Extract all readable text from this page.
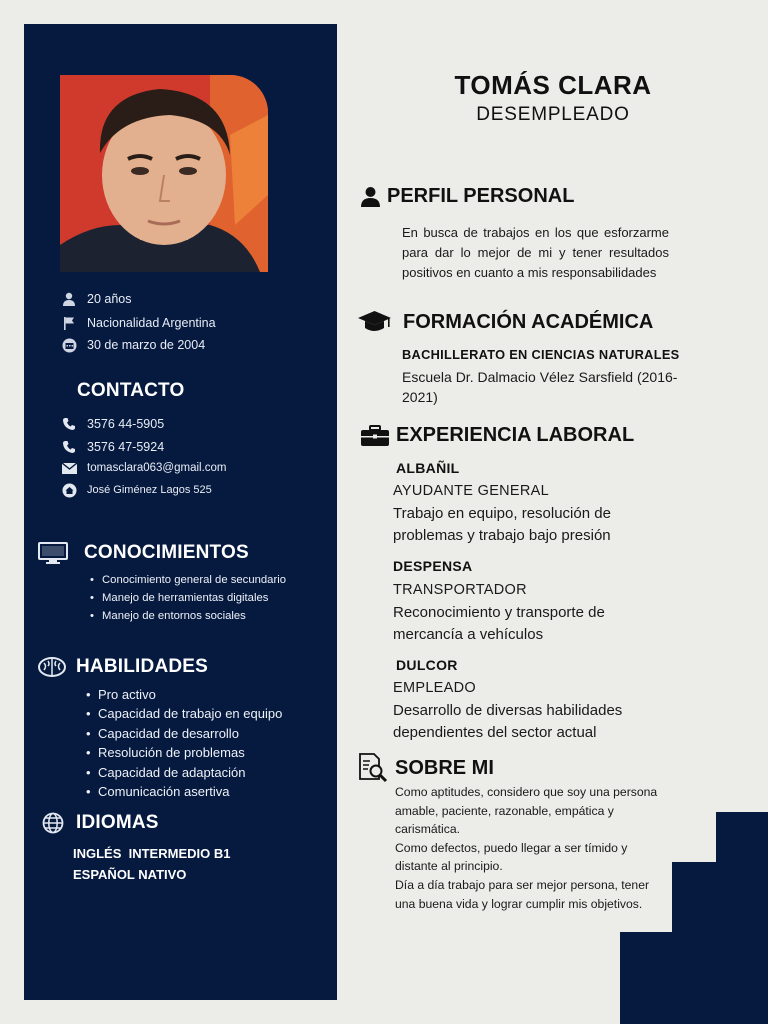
20 años
Nacionalidad Argentina
30 de marzo de 2004
CONTACTO
3576 44-5905
3576 47-5924
tomasclara063@gmail.com
José Giménez Lagos 525
CONOCIMIENTOS
• Conocimiento general de secundario
• Manejo de herramientas digitales
• Manejo de entornos sociales
HABILIDADES
• Pro activo
• Capacidad de trabajo en equipo
• Capacidad de desarrollo
• Resolución de problemas
• Capacidad de adaptación
• Comunicación asertiva
IDIOMAS
INGLÉS  INTERMEDIO B1
ESPAÑOL NATIVO
TOMÁS CLARA
DESEMPLEADO
PERFIL PERSONAL
En busca de trabajos en los que esforzarme para dar lo mejor de mi y tener resultados positivos en cuanto a mis responsabilidades
FORMACIÓN ACADÉMICA
BACHILLERATO EN CIENCIAS NATURALES
Escuela Dr. Dalmacio Vélez Sarsfield (2016-2021)
EXPERIENCIA LABORAL
ALBAÑIL
AYUDANTE GENERAL
Trabajo en equipo, resolución de problemas y trabajo bajo presión
DESPENSA
TRANSPORTADOR
Reconocimiento y transporte de mercancía a vehículos
DULCOR
EMPLEADO
Desarrollo de diversas habilidades dependientes del sector actual
SOBRE MI
Como aptitudes, considero que soy una persona amable, paciente, razonable, empática y carismática.
Como defectos, puedo llegar a ser tímido y distante al principio.
Día a día trabajo para ser mejor persona, tener una buena vida y lograr cumplir mis objetivos.
